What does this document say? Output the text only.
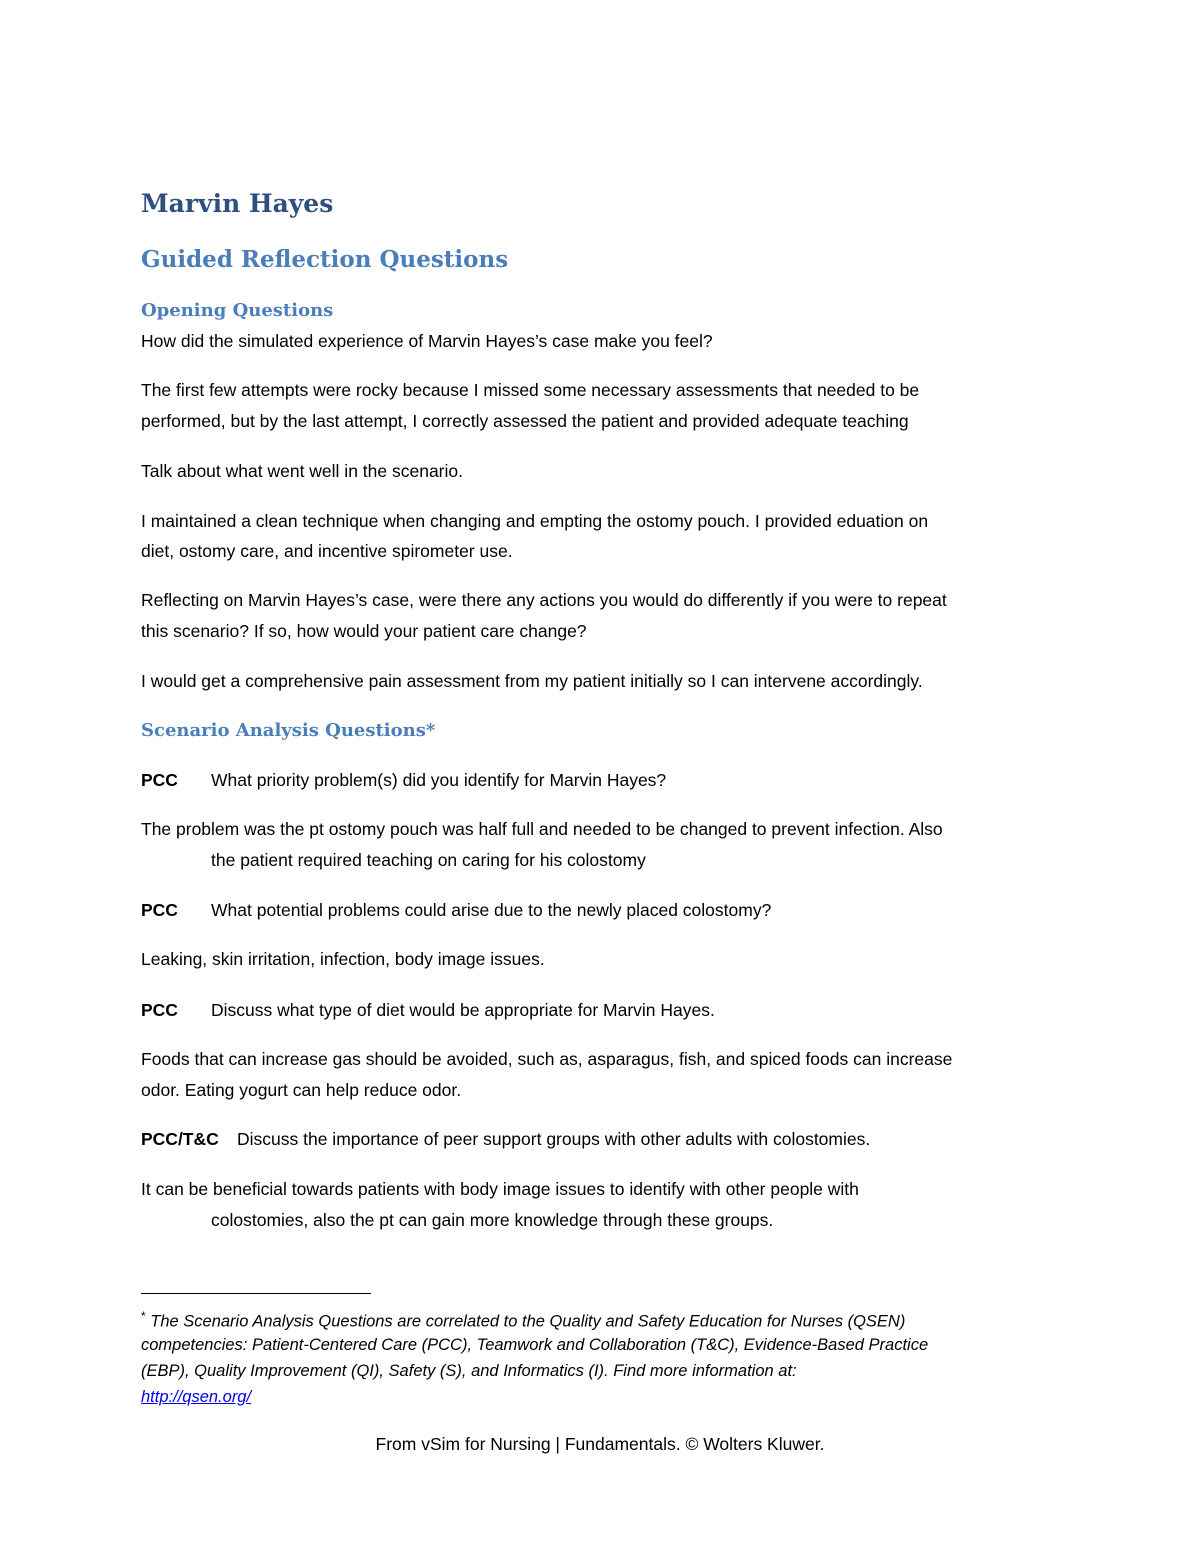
Marvin Hayes
Guided Reflection Questions
Opening Questions
How did the simulated experience of Marvin Hayes’s case make you feel?
The first few attempts were rocky because I missed some necessary assessments that needed to be
performed, but by the last attempt, I correctly assessed the patient and provided adequate teaching
Talk about what went well in the scenario.
I maintained a clean technique when changing and empting the ostomy pouch. I provided eduation on
diet, ostomy care, and incentive spirometer use.
Reflecting on Marvin Hayes’s case, were there any actions you would do differently if you were to repeat
this scenario? If so, how would your patient care change?
I would get a comprehensive pain assessment from my patient initially so I can intervene accordingly.
Scenario Analysis Questions*
PCC What priority problem(s) did you identify for Marvin Hayes?
The problem was the pt ostomy pouch was half full and needed to be changed to prevent infection. Also
the patient required teaching on caring for his colostomy
PCC What potential problems could arise due to the newly placed colostomy?
Leaking, skin irritation, infection, body image issues.
PCC Discuss what type of diet would be appropriate for Marvin Hayes.
Foods that can increase gas should be avoided, such as, asparagus, fish, and spiced foods can increase
odor. Eating yogurt can help reduce odor.
PCC/T&C Discuss the importance of peer support groups with other adults with colostomies.
It can be beneficial towards patients with body image issues to identify with other people with
colostomies, also the pt can gain more knowledge through these groups.
* The Scenario Analysis Questions are correlated to the Quality and Safety Education for Nurses (QSEN)
competencies: Patient-Centered Care (PCC), Teamwork and Collaboration (T&C), Evidence-Based Practice
(EBP), Quality Improvement (QI), Safety (S), and Informatics (I). Find more information at:
http://qsen.org/
From vSim for Nursing | Fundamentals. © Wolters Kluwer.
